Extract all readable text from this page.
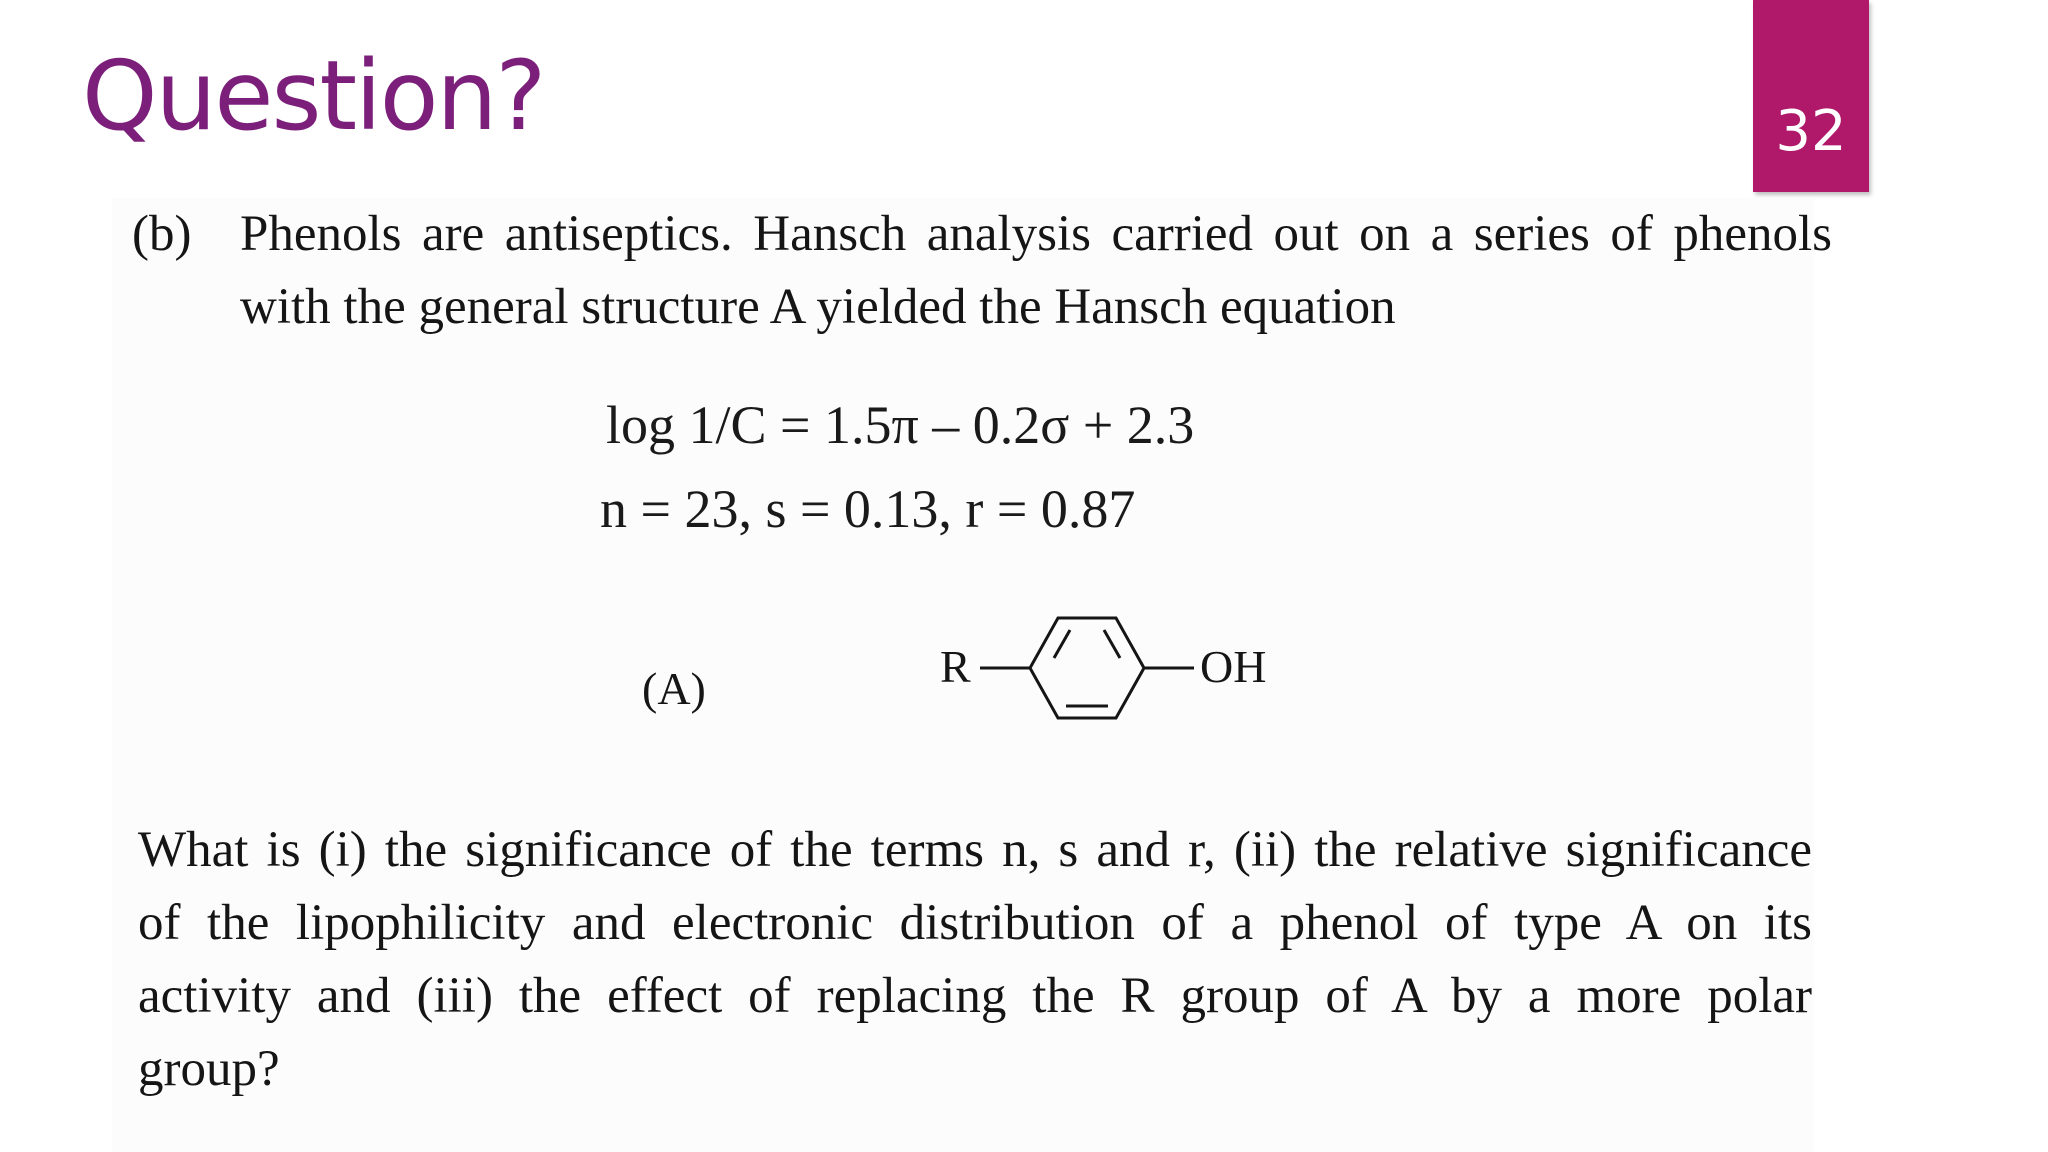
Question?	32
(b) Phenols are antiseptics. Hansch analysis carried out on a series of phenols
with the general structure A yielded the Hansch equation
log 1/C = 1.5π – 0.2σ + 2.3
n = 23, s = 0.13, r = 0.87
(A)	R	OH
What is (i) the significance of the terms n, s and r, (ii) the relative significance
of the lipophilicity and electronic distribution of a phenol of type A on its
activity and (iii) the effect of replacing the R group of A by a more polar
group?
